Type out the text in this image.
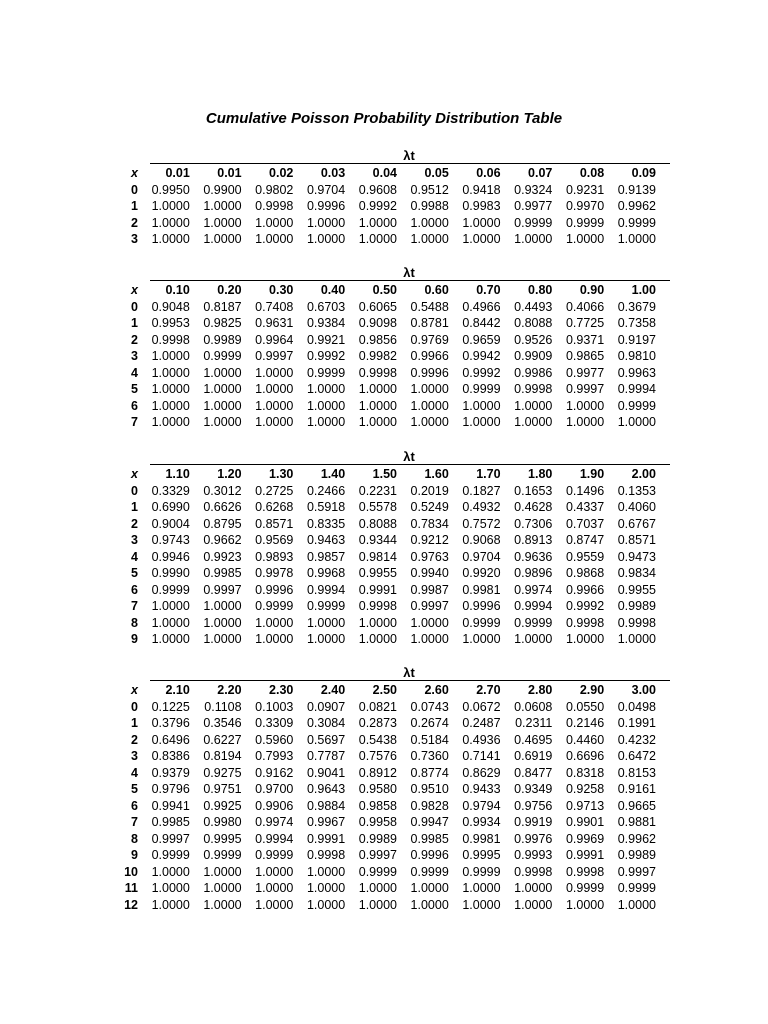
Cumulative Poisson Probability Distribution Table
λt
x	0.01	0.01	0.02	0.03	0.04	0.05	0.06	0.07	0.08	0.09
0	0.9950	0.9900	0.9802	0.9704	0.9608	0.9512	0.9418	0.9324	0.9231	0.9139
1	1.0000	1.0000	0.9998	0.9996	0.9992	0.9988	0.9983	0.9977	0.9970	0.9962
2	1.0000	1.0000	1.0000	1.0000	1.0000	1.0000	1.0000	0.9999	0.9999	0.9999
3	1.0000	1.0000	1.0000	1.0000	1.0000	1.0000	1.0000	1.0000	1.0000	1.0000
λt
x	0.10	0.20	0.30	0.40	0.50	0.60	0.70	0.80	0.90	1.00
0	0.9048	0.8187	0.7408	0.6703	0.6065	0.5488	0.4966	0.4493	0.4066	0.3679
1	0.9953	0.9825	0.9631	0.9384	0.9098	0.8781	0.8442	0.8088	0.7725	0.7358
2	0.9998	0.9989	0.9964	0.9921	0.9856	0.9769	0.9659	0.9526	0.9371	0.9197
3	1.0000	0.9999	0.9997	0.9992	0.9982	0.9966	0.9942	0.9909	0.9865	0.9810
4	1.0000	1.0000	1.0000	0.9999	0.9998	0.9996	0.9992	0.9986	0.9977	0.9963
5	1.0000	1.0000	1.0000	1.0000	1.0000	1.0000	0.9999	0.9998	0.9997	0.9994
6	1.0000	1.0000	1.0000	1.0000	1.0000	1.0000	1.0000	1.0000	1.0000	0.9999
7	1.0000	1.0000	1.0000	1.0000	1.0000	1.0000	1.0000	1.0000	1.0000	1.0000
λt
x	1.10	1.20	1.30	1.40	1.50	1.60	1.70	1.80	1.90	2.00
0	0.3329	0.3012	0.2725	0.2466	0.2231	0.2019	0.1827	0.1653	0.1496	0.1353
1	0.6990	0.6626	0.6268	0.5918	0.5578	0.5249	0.4932	0.4628	0.4337	0.4060
2	0.9004	0.8795	0.8571	0.8335	0.8088	0.7834	0.7572	0.7306	0.7037	0.6767
3	0.9743	0.9662	0.9569	0.9463	0.9344	0.9212	0.9068	0.8913	0.8747	0.8571
4	0.9946	0.9923	0.9893	0.9857	0.9814	0.9763	0.9704	0.9636	0.9559	0.9473
5	0.9990	0.9985	0.9978	0.9968	0.9955	0.9940	0.9920	0.9896	0.9868	0.9834
6	0.9999	0.9997	0.9996	0.9994	0.9991	0.9987	0.9981	0.9974	0.9966	0.9955
7	1.0000	1.0000	0.9999	0.9999	0.9998	0.9997	0.9996	0.9994	0.9992	0.9989
8	1.0000	1.0000	1.0000	1.0000	1.0000	1.0000	0.9999	0.9999	0.9998	0.9998
9	1.0000	1.0000	1.0000	1.0000	1.0000	1.0000	1.0000	1.0000	1.0000	1.0000
λt
x	2.10	2.20	2.30	2.40	2.50	2.60	2.70	2.80	2.90	3.00
0	0.1225	0.1108	0.1003	0.0907	0.0821	0.0743	0.0672	0.0608	0.0550	0.0498
1	0.3796	0.3546	0.3309	0.3084	0.2873	0.2674	0.2487	0.2311	0.2146	0.1991
2	0.6496	0.6227	0.5960	0.5697	0.5438	0.5184	0.4936	0.4695	0.4460	0.4232
3	0.8386	0.8194	0.7993	0.7787	0.7576	0.7360	0.7141	0.6919	0.6696	0.6472
4	0.9379	0.9275	0.9162	0.9041	0.8912	0.8774	0.8629	0.8477	0.8318	0.8153
5	0.9796	0.9751	0.9700	0.9643	0.9580	0.9510	0.9433	0.9349	0.9258	0.9161
6	0.9941	0.9925	0.9906	0.9884	0.9858	0.9828	0.9794	0.9756	0.9713	0.9665
7	0.9985	0.9980	0.9974	0.9967	0.9958	0.9947	0.9934	0.9919	0.9901	0.9881
8	0.9997	0.9995	0.9994	0.9991	0.9989	0.9985	0.9981	0.9976	0.9969	0.9962
9	0.9999	0.9999	0.9999	0.9998	0.9997	0.9996	0.9995	0.9993	0.9991	0.9989
10	1.0000	1.0000	1.0000	1.0000	0.9999	0.9999	0.9999	0.9998	0.9998	0.9997
11	1.0000	1.0000	1.0000	1.0000	1.0000	1.0000	1.0000	1.0000	0.9999	0.9999
12	1.0000	1.0000	1.0000	1.0000	1.0000	1.0000	1.0000	1.0000	1.0000	1.0000
